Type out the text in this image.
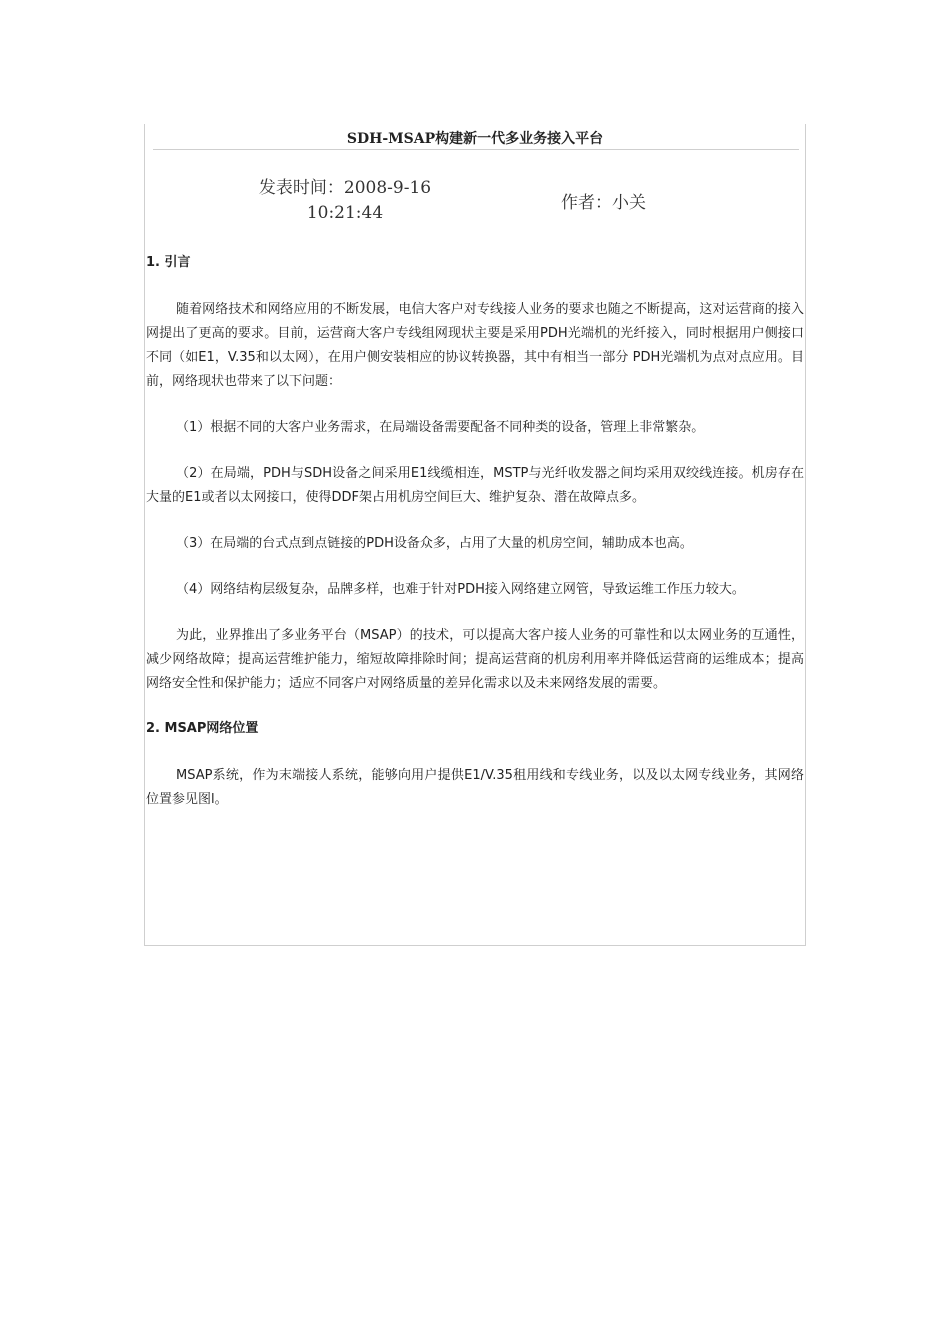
SDH-MSAP构建新一代多业务接入平台
发表时间：2008-9-16 10:21:44	作者：小关
1. 引言

随着网络技术和网络应用的不断发展，电信大客户对专线接人业务的要求也随之不断提高，这对运营商的接入网提出了更高的要求。目前，运营商大客户专线组网现状主要是采用PDH光端机的光纤接入，同时根据用户侧接口不同（如E1，V.35和以太网），在用户侧安装相应的协议转换器，其中有相当一部分 PDH光端机为点对点应用。目前，网络现状也带来了以下问题：

（1）根据不同的大客户业务需求，在局端设备需要配备不同种类的设备，管理上非常繁杂。

（2）在局端，PDH与SDH设备之间采用E1线缆相连，MSTP与光纤收发器之间均采用双绞线连接。机房存在大量的E1或者以太网接口，使得DDF架占用机房空间巨大、维护复杂、潜在故障点多。

（3）在局端的台式点到点链接的PDH设备众多，占用了大量的机房空间，辅助成本也高。

（4）网络结构层级复杂，品牌多样，也难于针对PDH接入网络建立网管，导致运维工作压力较大。

为此，业界推出了多业务平台（MSAP）的技术，可以提高大客户接人业务的可靠性和以太网业务的互通性，减少网络故障；提高运营维护能力，缩短故障排除时间；提高运营商的机房利用率并降低运营商的运维成本；提高网络安全性和保护能力；适应不同客户对网络质量的差异化需求以及未来网络发展的需要。

2. MSAP网络位置

MSAP系统，作为末端接人系统，能够向用户提供E1/V.35租用线和专线业务，以及以太网专线业务，其网络位置参见图l。
